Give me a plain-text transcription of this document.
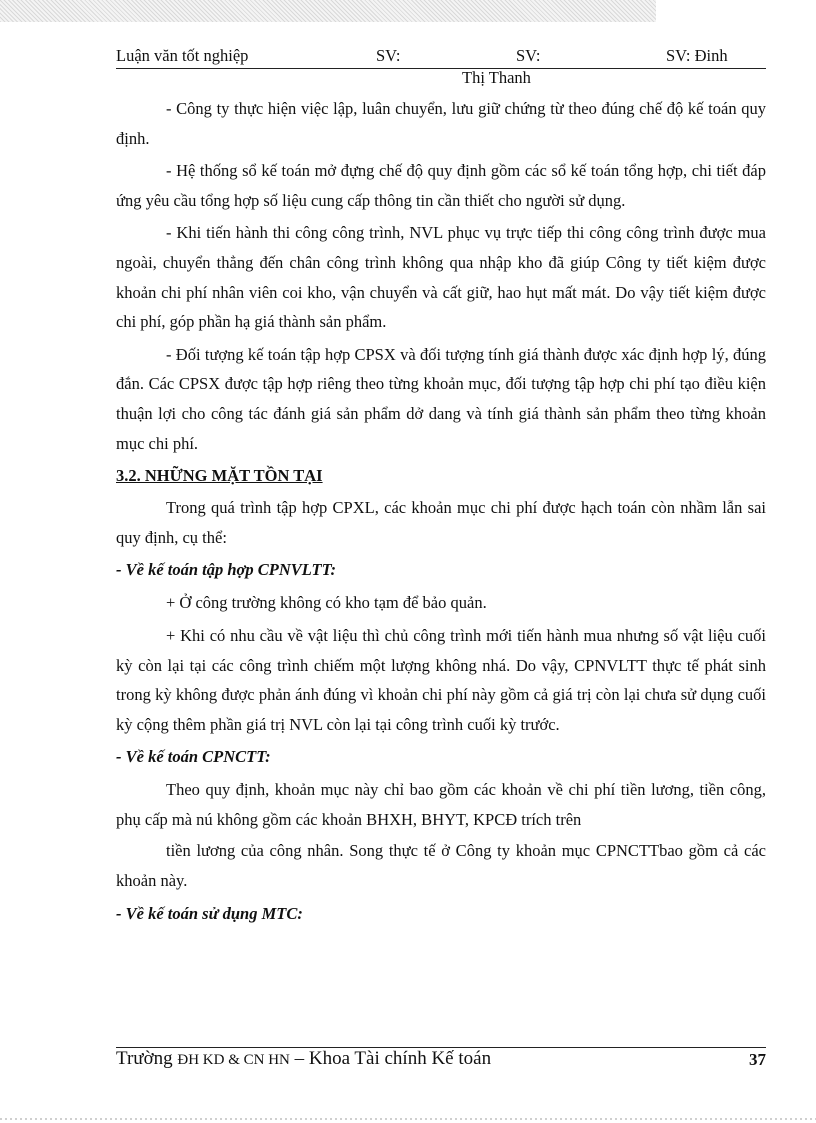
Luận văn tốt nghiệp	SV:	SV:	SV: Đinh
Thị Thanh

- Công ty thực hiện việc lập, luân chuyển, lưu giữ chứng từ theo đúng chế độ kế toán quy định.

- Hệ thống sổ kế toán mở đựng chế độ quy định gồm các sổ kế toán tổng hợp, chi tiết đáp ứng yêu cầu tổng hợp số liệu cung cấp thông tin cần thiết cho người sử dụng.

- Khi tiến hành thi công công trình, NVL phục vụ trực tiếp thi công công trình được mua ngoài, chuyển thẳng đến chân công trình không qua nhập kho đã giúp Công ty tiết kiệm được khoản chi phí nhân viên coi kho, vận chuyển và cất giữ, hao hụt mất mát. Do vậy tiết kiệm được chi phí, góp phần hạ giá thành sản phẩm.

- Đối tượng kế toán tập hợp CPSX và đối tượng tính giá thành được xác định hợp lý, đúng đắn. Các CPSX được tập hợp riêng theo từng khoản mục, đối tượng tập hợp chi phí tạo điều kiện thuận lợi cho công tác đánh giá sản phẩm dở dang và tính giá thành sản phẩm theo từng khoản mục chi phí.

3.2. NHỮNG MẶT TỒN TẠI

Trong quá trình tập hợp CPXL, các khoản mục chi phí được hạch toán còn nhầm lẫn sai quy định, cụ thể:

- Về kế toán tập hợp CPNVLTT:

+ Ở công trường không có kho tạm để bảo quản.

+ Khi có nhu cầu về vật liệu thì chủ công trình mới tiến hành mua nhưng số vật liệu cuối kỳ còn lại tại các công trình chiếm một lượng không nhá. Do vậy, CPNVLTT thực tế phát sinh trong kỳ không được phản ánh đúng vì khoản chi phí này gồm cả giá trị còn lại chưa sử dụng cuối kỳ cộng thêm phần giá trị NVL còn lại tại công trình cuối kỳ trước.

- Về kế toán CPNCTT:

Theo quy định, khoản mục này chỉ bao gồm các khoản về chi phí tiền lương, tiền công, phụ cấp mà nú không gồm các khoản BHXH, BHYT, KPCĐ trích trên

tiền lương của công nhân. Song thực tế ở Công ty khoản mục CPNCTTbao gồm cả các khoản này.

- Về kế toán sử dụng MTC:
Trường ĐH KD & CN HN – Khoa Tài chính Kế toán	37
